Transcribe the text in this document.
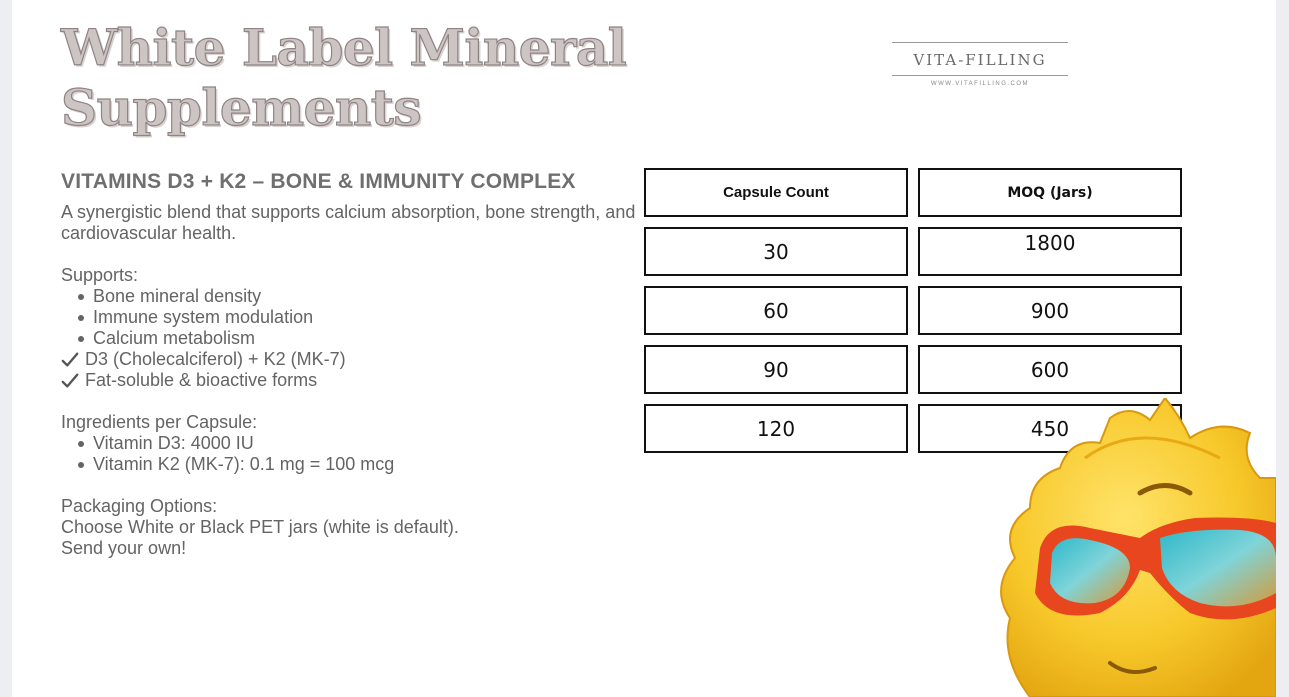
White Label Mineral
Supplements
VITA-FILLING
WWW.VITAFILLING.COM
VITAMINS D3 + K2 – BONE & IMMUNITY COMPLEX

A synergistic blend that supports calcium absorption, bone strength, and cardiovascular health.

Supports:

Bone mineral density
Immune system modulation
Calcium metabolism
D3 (Cholecalciferol) + K2 (MK-7)
Fat-soluble & bioactive forms

Ingredients per Capsule:

Vitamin D3: 4000 IU
Vitamin K2 (MK-7): 0.1 mg = 100 mcg

Packaging Options:

Choose White or Black PET jars (white is default).

Send your own!

Capsule Count	MOQ (Jars)
30	1800
60	900
90	600
120	450
